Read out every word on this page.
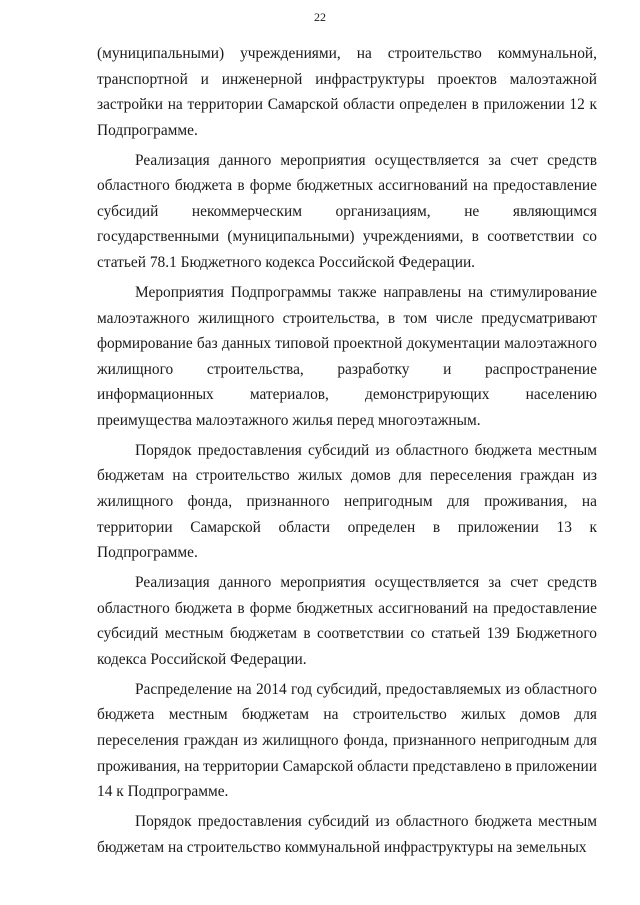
22

(муниципальными) учреждениями, на строительство коммунальной, транспортной и инженерной инфраструктуры проектов малоэтажной застройки на территории Самарской области определен в приложении 12 к Подпрограмме.

Реализация данного мероприятия осуществляется за счет средств областного бюджета в форме бюджетных ассигнований на предоставление субсидий некоммерческим организациям, не являющимся государственными (муниципальными) учреждениями, в соответствии со статьей 78.1 Бюджетного кодекса Российской Федерации.

Мероприятия Подпрограммы также направлены на стимулирование малоэтажного жилищного строительства, в том числе предусматривают формирование баз данных типовой проектной документации малоэтажного жилищного строительства, разработку и распространение информационных материалов, демонстрирующих населению преимущества малоэтажного жилья перед многоэтажным.

Порядок предоставления субсидий из областного бюджета местным бюджетам на строительство жилых домов для переселения граждан из жилищного фонда, признанного непригодным для проживания, на территории Самарской области определен в приложении 13 к Подпрограмме.

Реализация данного мероприятия осуществляется за счет средств областного бюджета в форме бюджетных ассигнований на предоставление субсидий местным бюджетам в соответствии со статьей 139 Бюджетного кодекса Российской Федерации.

Распределение на 2014 год субсидий, предоставляемых из областного бюджета местным бюджетам на строительство жилых домов для переселения граждан из жилищного фонда, признанного непригодным для проживания, на территории Самарской области представлено в приложении 14 к Подпрограмме.

Порядок предоставления субсидий из областного бюджета местным бюджетам на строительство коммунальной инфраструктуры на земельных
